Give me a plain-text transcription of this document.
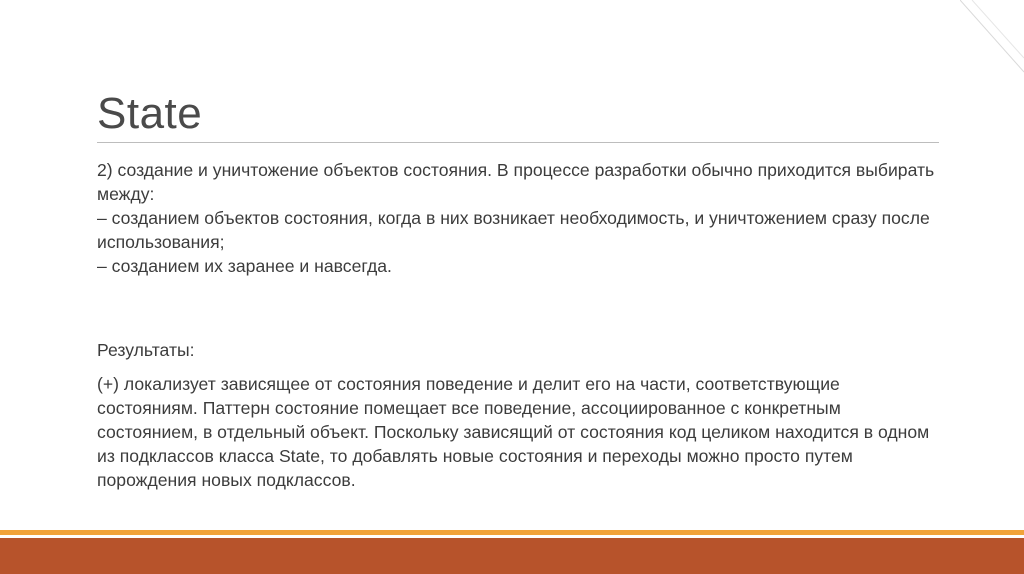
State

2) создание и уничтожение объектов состояния. В процессе разработки обычно приходится выбирать между:
– созданием объектов состояния, когда в них возникает необходимость, и уничтожением сразу после использования;
– созданием их заранее и навсегда.

Результаты:

(+) локализует зависящее от состояния поведение и делит его на части, соответствующие состояниям. Паттерн состояние помещает все поведение, ассоциированное с конкретным состоянием, в отдельный объект. Поскольку зависящий от состояния код целиком находится в одном из подклассов класса State, то добавлять новые состояния и переходы можно просто путем порождения новых подклассов.
